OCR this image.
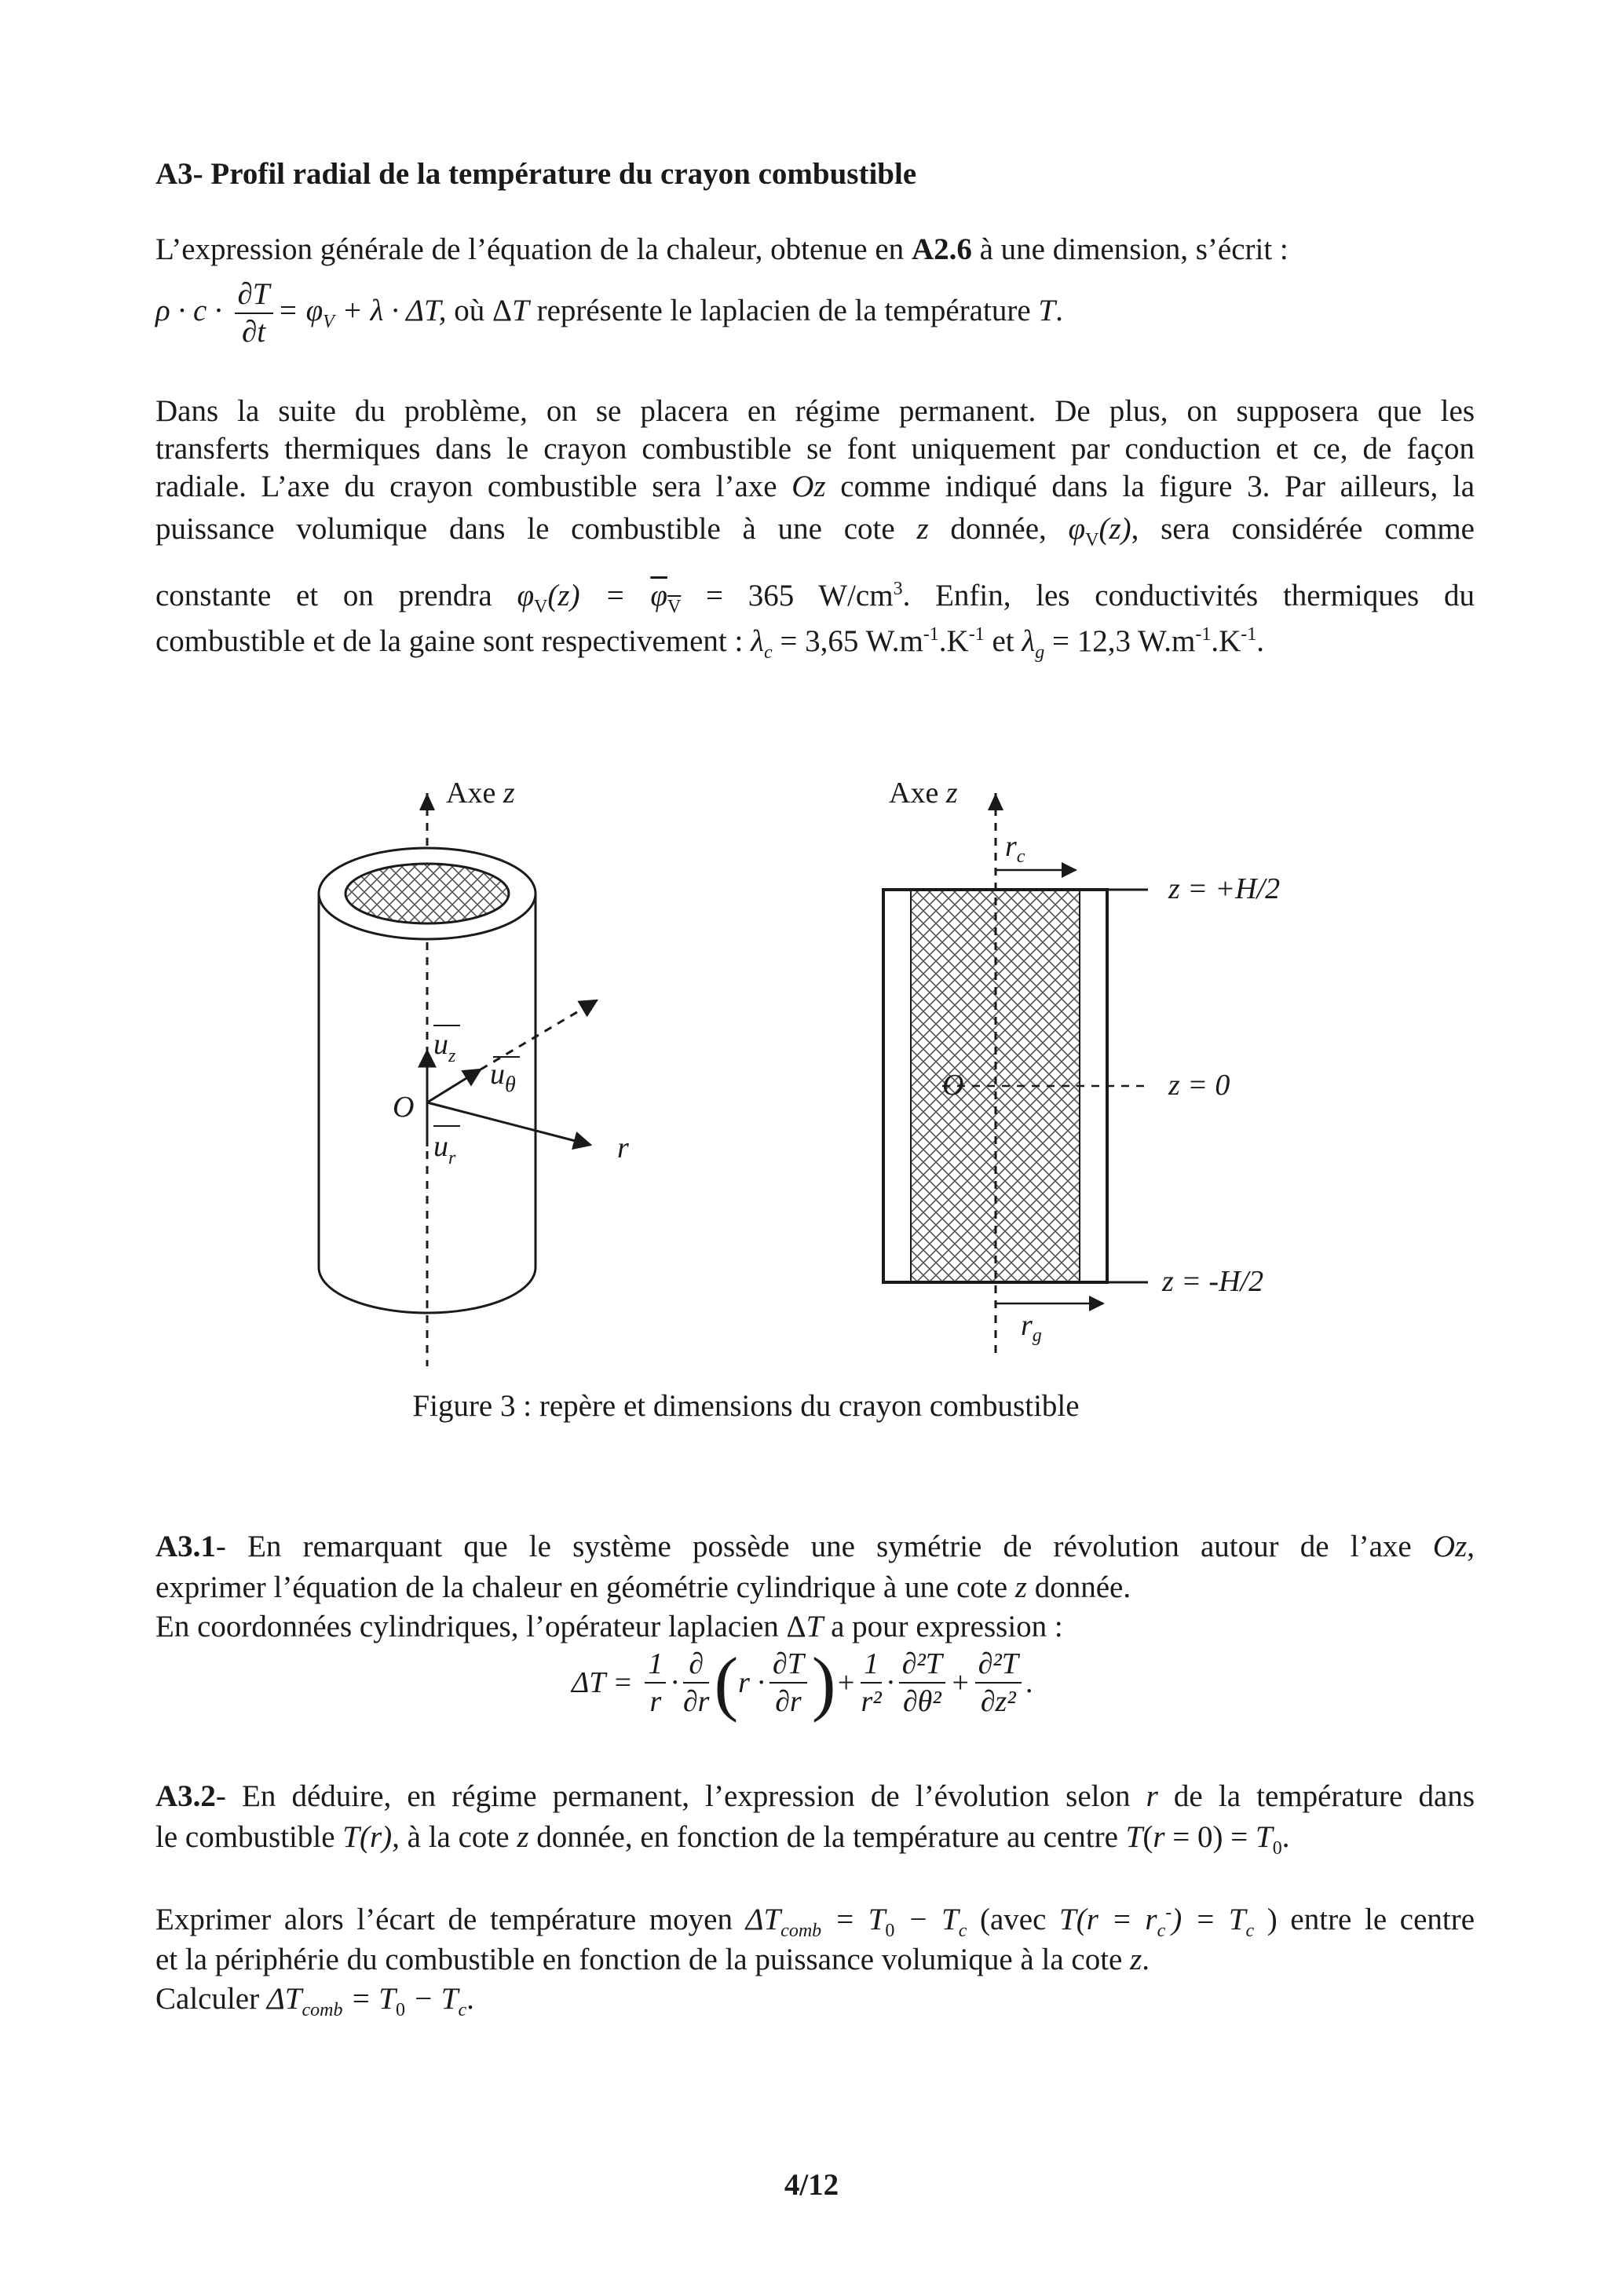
A3- Profil radial de la température du crayon combustible
L’expression générale de l’équation de la chaleur, obtenue en A2.6 à une dimension, s’écrit :
$\rho \cdot c \cdot \frac{\partial T}{\partial t} = \varphi_V + \lambda \cdot \Delta T$, où ΔT représente le laplacien de la température T.
Dans la suite du problème, on se placera en régime permanent. De plus, on supposera que les
transferts thermiques dans le crayon combustible se font uniquement par conduction et ce, de façon
radiale. L’axe du crayon combustible sera l’axe Oz comme indiqué dans la figure 3. Par ailleurs, la
puissance volumique dans le combustible à une cote z donnée, $\varphi_V(z)$, sera considérée comme
constante et on prendra $\varphi_V(z) = \overline{\varphi}_{\overline{V}} = 365$ $W/cm^3$. Enfin, les conductivités thermiques du
combustible et de la gaine sont respectivement : $\lambda_c = 3,65$ $W.m^{-1}.K^{-1}$ et $\lambda_g = 12,3$ $W.m^{-1}.K^{-1}$.
Axe z
O
$u_z$
$u_\theta$
$u_r$	r
Axe z
$r_c$
$r_g$
O
z = +H/2
z = 0
z = -H/2
Figure 3 : repère et dimensions du crayon combustible
A3.1- En remarquant que le système possède une symétrie de révolution autour de l’axe Oz,
exprimer l’équation de la chaleur en géométrie cylindrique à une cote z donnée.
En coordonnées cylindriques, l’opérateur laplacien ΔT a pour expression :
$\Delta T = \frac{1}{r} \cdot \frac{\partial}{\partial r} (r \cdot \frac{\partial T}{\partial r}$ )+ $\frac{1}{\text{r²}} \cdot \frac{\text{∂²T}}{\text{∂θ²}} + \frac{\text{∂²T}}{\text{∂z²}}$ .
A3.2- En déduire, en régime permanent, l’expression de l’évolution selon r de la température dans
le combustible T(r), à la cote z donnée, en fonction de la température au centre $T(r = 0) = T_0$.
Exprimer alors l’écart de température moyen $\Delta T_{comb} = T_0 - T_c$ (avec $T(r = r_c^-) = T_c$ ) entre le centre
et la périphérie du combustible en fonction de la puissance volumique à la cote z.
Calculer $\Delta T_{comb} = T_0 - T_c$.
4/12
